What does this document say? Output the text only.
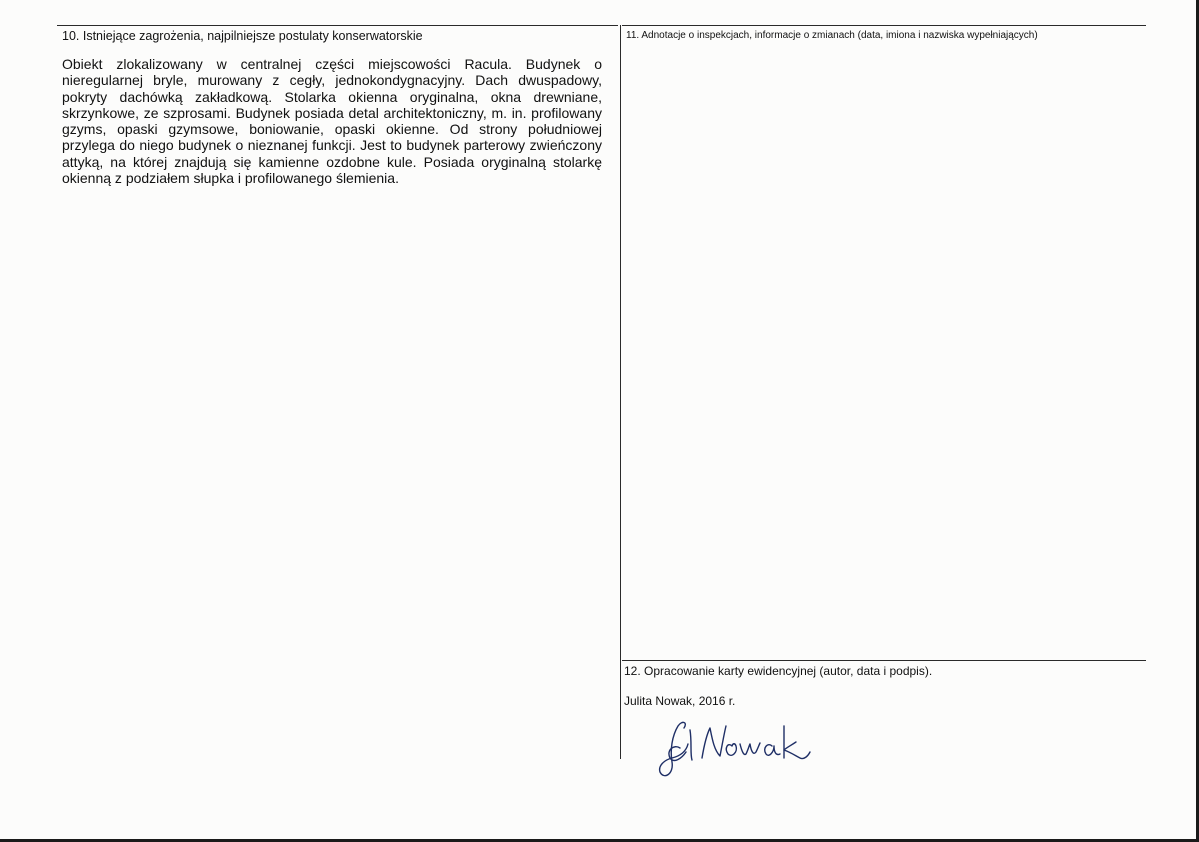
10. Istniejące zagrożenia, najpilniejsze postulaty konserwatorskie

Obiekt zlokalizowany w centralnej części miejscowości Racula. Budynek o nieregularnej bryle, murowany z cegły, jednokondygnacyjny. Dach dwuspadowy, pokryty dachówką zakładkową. Stolarka okienna oryginalna, okna drewniane, skrzynkowe, ze szprosami. Budynek posiada detal architektoniczny, m. in. profilowany gzyms, opaski gzymsowe, boniowanie, opaski okienne. Od strony południowej przylega do niego budynek o nieznanej funkcji. Jest to budynek parterowy zwieńczony attyką, na której znajdują się kamienne ozdobne kule. Posiada oryginalną stolarkę okienną z podziałem słupka i profilowanego ślemienia.

11. Adnotacje o inspekcjach, informacje o zmianach (data, imiona i nazwiska wypełniających)
12. Opracowanie karty ewidencyjnej (autor, data i podpis).
Julita Nowak, 2016 r.
